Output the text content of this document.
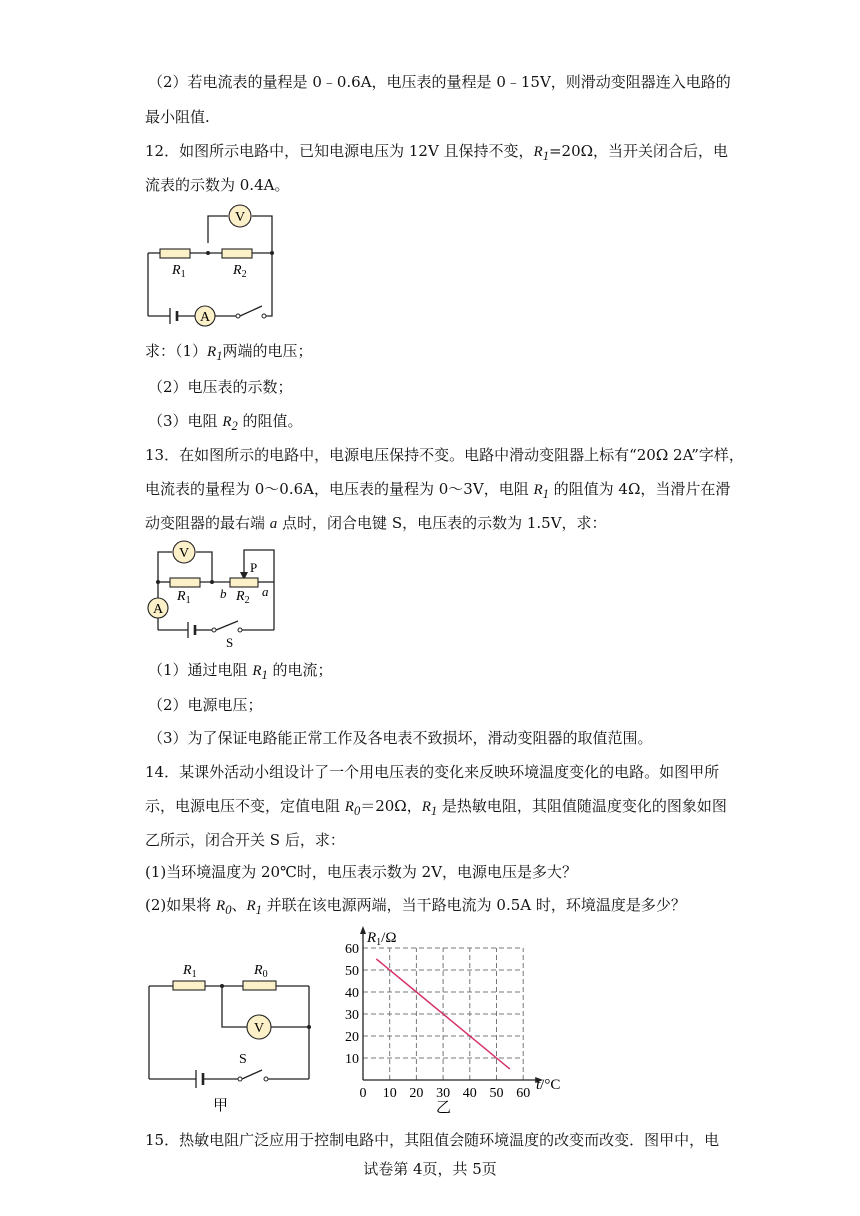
（2）若电流表的量程是 0﹣0.6A，电压表的量程是 0﹣15V，则滑动变阻器连入电路的
最小阻值.
12．如图所示电路中，已知电源电压为 12V 且保持不变，$R_1=20\Omega$，当开关闭合后，电
流表的示数为 0.4A。
V
A
$R_1$	$R_2$
求：$(1)R_1$两端的电压；
（2）电压表的示数；
（3）电阻 $R_2$ 的阻值。
13．在如图所示的电路中，电源电压保持不变。电路中滑动变阻器上标有“20Ω 2A”字样，
电流表的量程为 0～0.6A，电压表的量程为 0～3V，电阻 $R_1$ 的阻值为 4Ω，当滑片在滑
动变阻器的最右端 a 点时，闭合电键 S，电压表的示数为 1.5V，求：
V
A
P
b	a
$R_1$	$R_2$
S
（1）通过电阻 $R_1$ 的电流；
（2）电源电压；
（3）为了保证电路能正常工作及各电表不致损坏，滑动变阻器的取值范围。
14．某课外活动小组设计了一个用电压表的变化来反映环境温度变化的电路。如图甲所
示，电源电压不变，定值电阻 $R_0=20\Omega$，$R_1$ 是热敏电阻，其阻值随温度变化的图象如图
乙所示，闭合开关 S 后，求：
(1)当环境温度为 20℃时，电压表示数为 2V，电源电压是多大？
(2)如果将 $R_0$、$R_1$ 并联在该电源两端，当干路电流为 0.5A 时，环境温度是多少？
V
$R_1$	$R_0$
S
甲
0 10 20 30 40 50 60
10
20
30
40
50
60
$R_1/\Omega$
t/°C
乙
15．热敏电阻广泛应用于控制电路中，其阻值会随环境温度的改变而改变．图甲中，电
试卷第 4页，共 5页
